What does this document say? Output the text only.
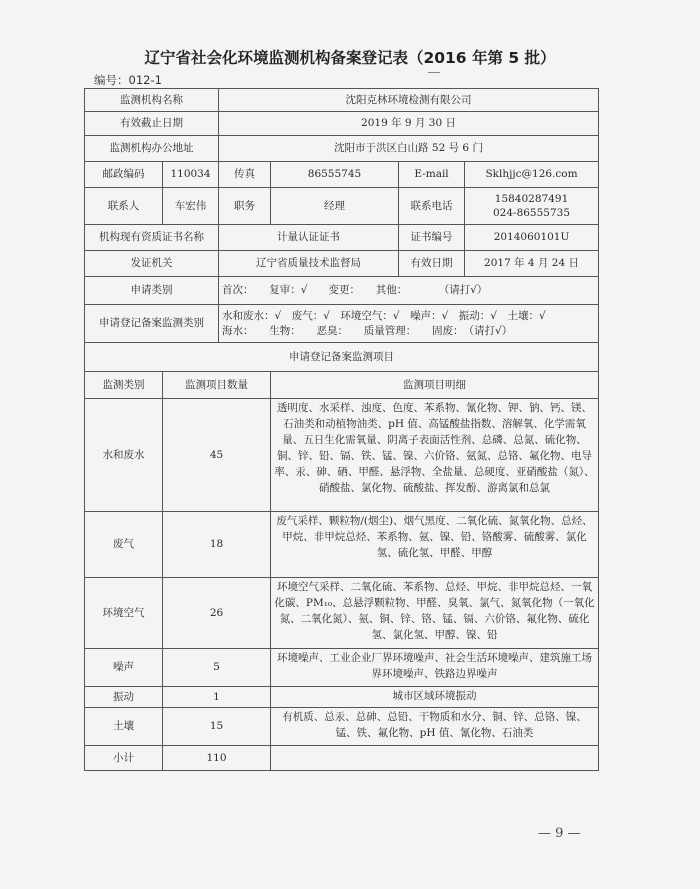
辽宁省社会化环境监测机构备案登记表（2016 年第 5 批）
编号：012-1
监测机构名称		沈阳克林环境检测有限公司			
有效截止日期		2019 年 9 月 30 日			
监测机构办公地址		沈阳市于洪区白山路 52 号 6 门			
邮政编码	110034	传真	86555745	E-mail	Sklhjjc@126.com
联系人	车宏伟	职务	经理	联系电话	15840287491
024-86555735

机构现有资质证书名称		计量认证证书		证书编号	2014060101U
发证机关		辽宁省质量技术监督局		有效日期	2017 年 4 月 24 日
申请类别		首次：　　复审：√　　变更：　　其他：　　　　（请打√）			
申请登记备案监测类别		水和废水：√　废气：√　环境空气：√　噪声：√　振动：√　土壤：√
海水：　　生物：　　恶臭：　　质量管理：　　固废：　（请打√）			

申请登记备案监测项目					
监测类别	监测项目数量		监测项目明细		
水和废水	45		透明度、水采样、浊度、色度、苯系物、氰化物、钾、钠、钙、镁、石油类和动植物油类、pH 值、高锰酸盐指数、溶解氧、化学需氧量、五日生化需氧量、阴离子表面活性剂、总磷、总氮、硫化物、铜、锌、铅、镉、铁、锰、镍、六价铬、氨氮、总铬、氟化物、电导率、汞、砷、硒、甲醛、悬浮物、全盐量、总硬度、亚硝酸盐（氮）、硝酸盐、氯化物、硫酸盐、挥发酚、游离氯和总氯		
废气	18		废气采样、颗粒物/(烟尘)、烟气黑度、二氧化硫、氮氧化物、总烃、甲烷、非甲烷总烃、苯系物、氨、镍、铅、铬酸雾、硫酸雾、氯化氢、硫化氢、甲醛、甲醇		
环境空气	26		环境空气采样、二氧化硫、苯系物、总烃、甲烷、非甲烷总烃、一氧化碳、PM₁₀、总悬浮颗粒物、甲醛、臭氧、氯气、氮氧化物（一氧化氮、二氧化氮）、氨、铜、锌、铬、锰、镉、六价铬、氟化物、硫化氢、氯化氢、甲醇、镍、铅		
噪声	5		环境噪声、工业企业厂界环境噪声、社会生活环境噪声、建筑施工场界环境噪声、铁路边界噪声		
振动	1		城市区域环境振动		
土壤	15		有机质、总汞、总砷、总铅、干物质和水分、铜、锌、总铬、镍、锰、铁、氟化物、pH 值、氰化物、石油类		
小计	110				
— 9 —
